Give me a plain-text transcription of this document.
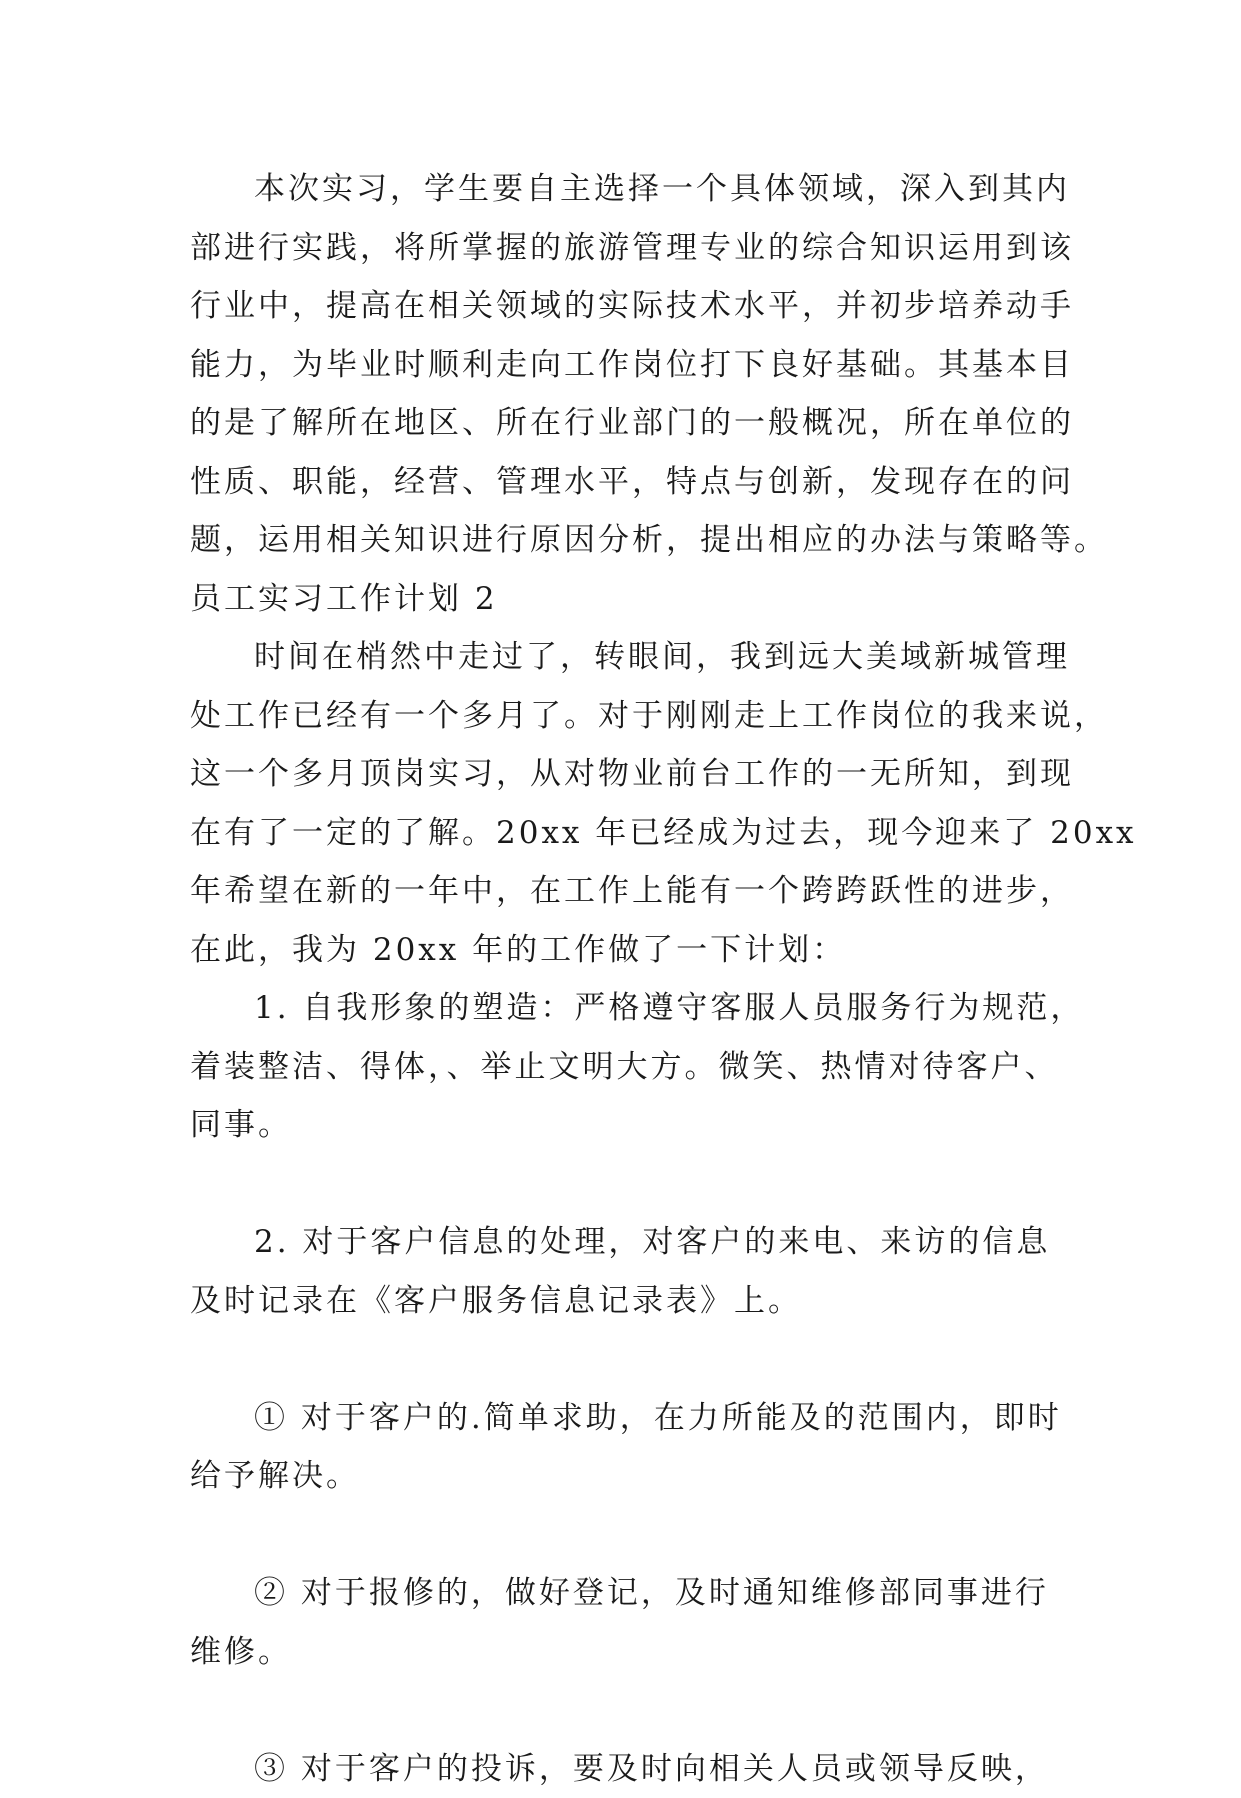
本次实习，学生要自主选择一个具体领域，深入到其内
部进行实践，将所掌握的旅游管理专业的综合知识运用到该
行业中，提高在相关领域的实际技术水平，并初步培养动手
能力，为毕业时顺利走向工作岗位打下良好基础。其基本目
的是了解所在地区、所在行业部门的一般概况，所在单位的
性质、职能，经营、管理水平，特点与创新，发现存在的问
题，运用相关知识进行原因分析，提出相应的办法与策略等。
员工实习工作计划 2
时间在梢然中走过了，转眼间，我到远大美域新城管理
处工作已经有一个多月了。对于刚刚走上工作岗位的我来说，
这一个多月顶岗实习，从对物业前台工作的一无所知，到现
在有了一定的了解。20xx 年已经成为过去，现今迎来了 20xx
年希望在新的一年中，在工作上能有一个跨跨跃性的进步，
在此，我为 20xx 年的工作做了一下计划：
1. 自我形象的塑造：严格遵守客服人员服务行为规范，
着装整洁、得体，、举止文明大方。微笑、热情对待客户、
同事。
2. 对于客户信息的处理，对客户的来电、来访的信息
及时记录在《客户服务信息记录表》上。
① 对于客户的.简单求助，在力所能及的范围内，即时
给予解决。
② 对于报修的，做好登记，及时通知维修部同事进行
维修。
③ 对于客户的投诉，要及时向相关人员或领导反映，
